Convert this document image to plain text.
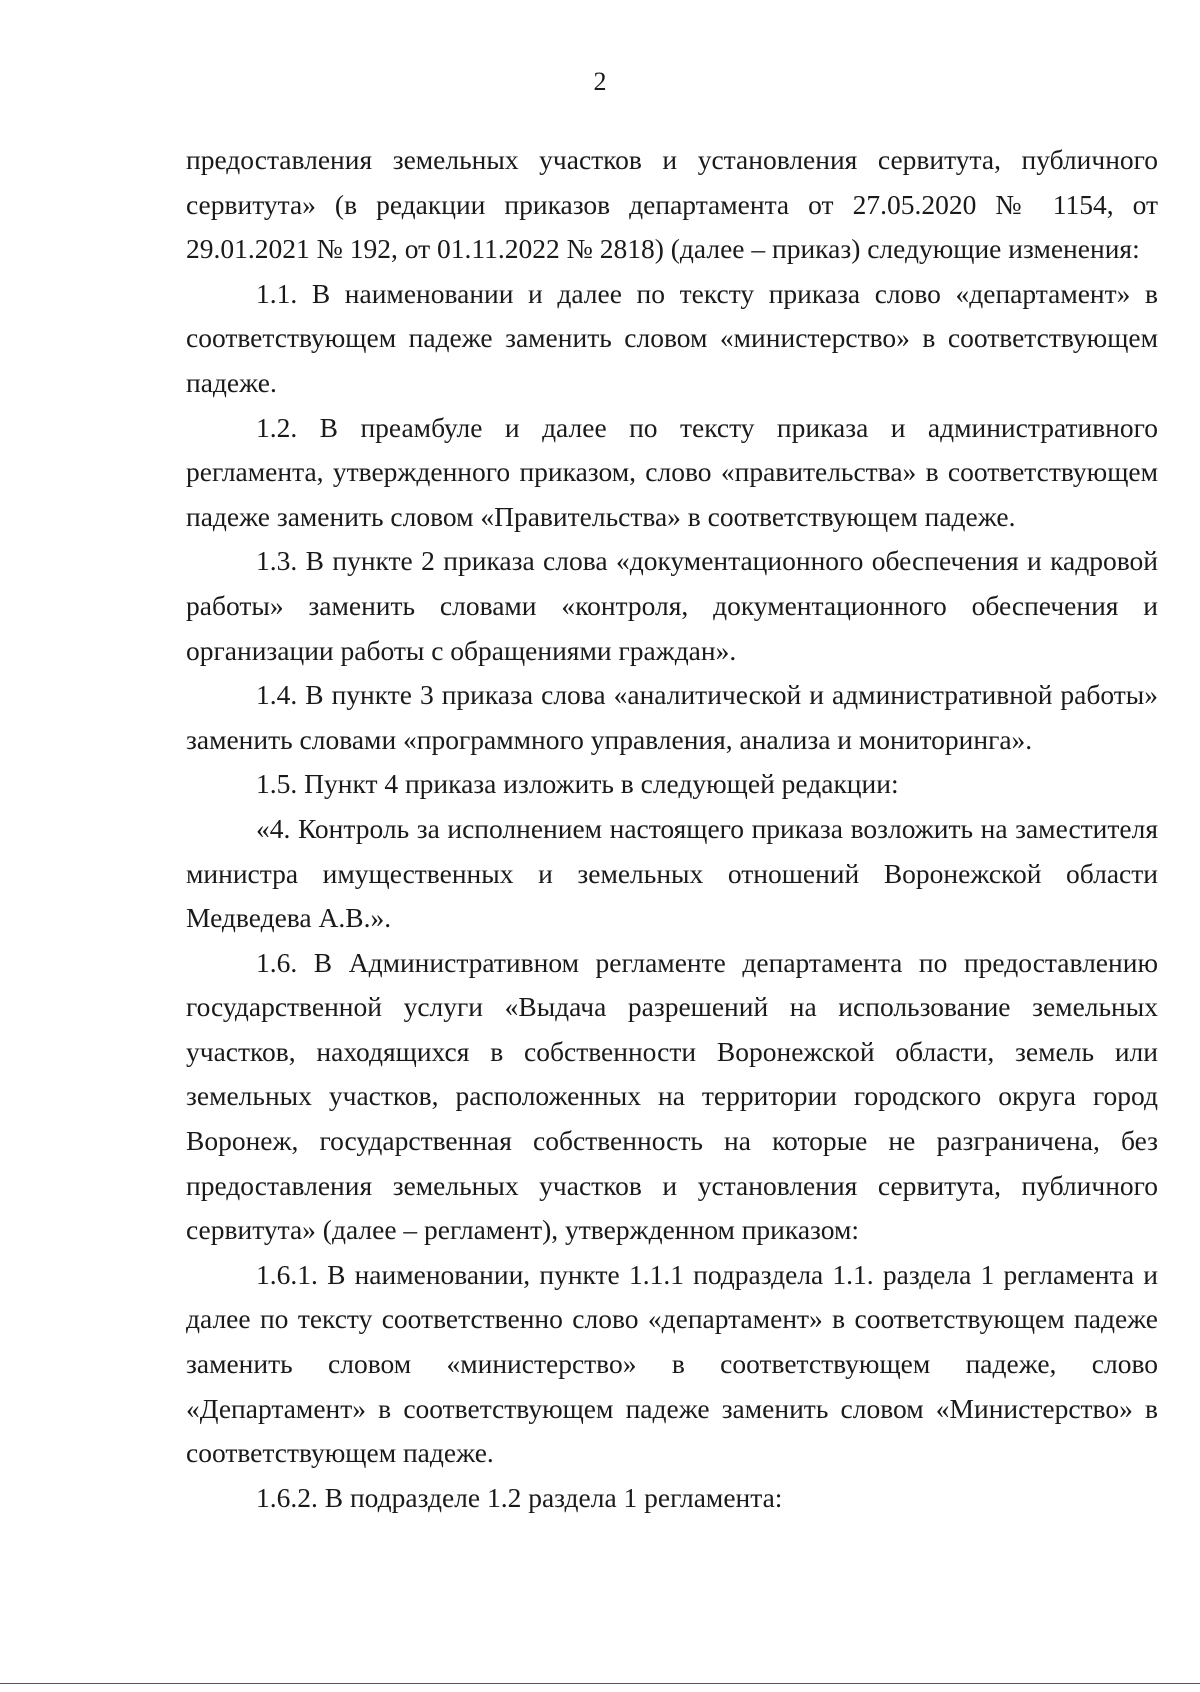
2

предоставления земельных участков и установления сервитута, публичного сервитута» (в редакции приказов департамента от 27.05.2020 № 1154, от 29.01.2021 № 192, от 01.11.2022 № 2818) (далее – приказ) следующие изменения:

1.1. В наименовании и далее по тексту приказа слово «департамент» в соответствующем падеже заменить словом «министерство» в соответствующем падеже.

1.2. В преамбуле и далее по тексту приказа и административного регламента, утвержденного приказом, слово «правительства» в соответствующем падеже заменить словом «Правительства» в соответствующем падеже.

1.3. В пункте 2 приказа слова «документационного обеспечения и кадровой работы» заменить словами «контроля, документационного обеспечения и организации работы с обращениями граждан».

1.4. В пункте 3 приказа слова «аналитической и административной работы» заменить словами «программного управления, анализа и мониторинга».

1.5. Пункт 4 приказа изложить в следующей редакции:

«4. Контроль за исполнением настоящего приказа возложить на заместителя министра имущественных и земельных отношений Воронежской области Медведева А.В.».

1.6. В Административном регламенте департамента по предоставлению государственной услуги «Выдача разрешений на использование земельных участков, находящихся в собственности Воронежской области, земель или земельных участков, расположенных на территории городского округа город Воронеж, государственная собственность на которые не разграничена, без предоставления земельных участков и установления сервитута, публичного сервитута» (далее – регламент), утвержденном приказом:

1.6.1. В наименовании, пункте 1.1.1 подраздела 1.1. раздела 1 регламента и далее по тексту соответственно слово «департамент» в соответствующем падеже заменить словом «министерство» в соответствующем падеже, слово «Департамент» в соответствующем падеже заменить словом «Министерство» в соответствующем падеже.

1.6.2. В подразделе 1.2 раздела 1 регламента:
